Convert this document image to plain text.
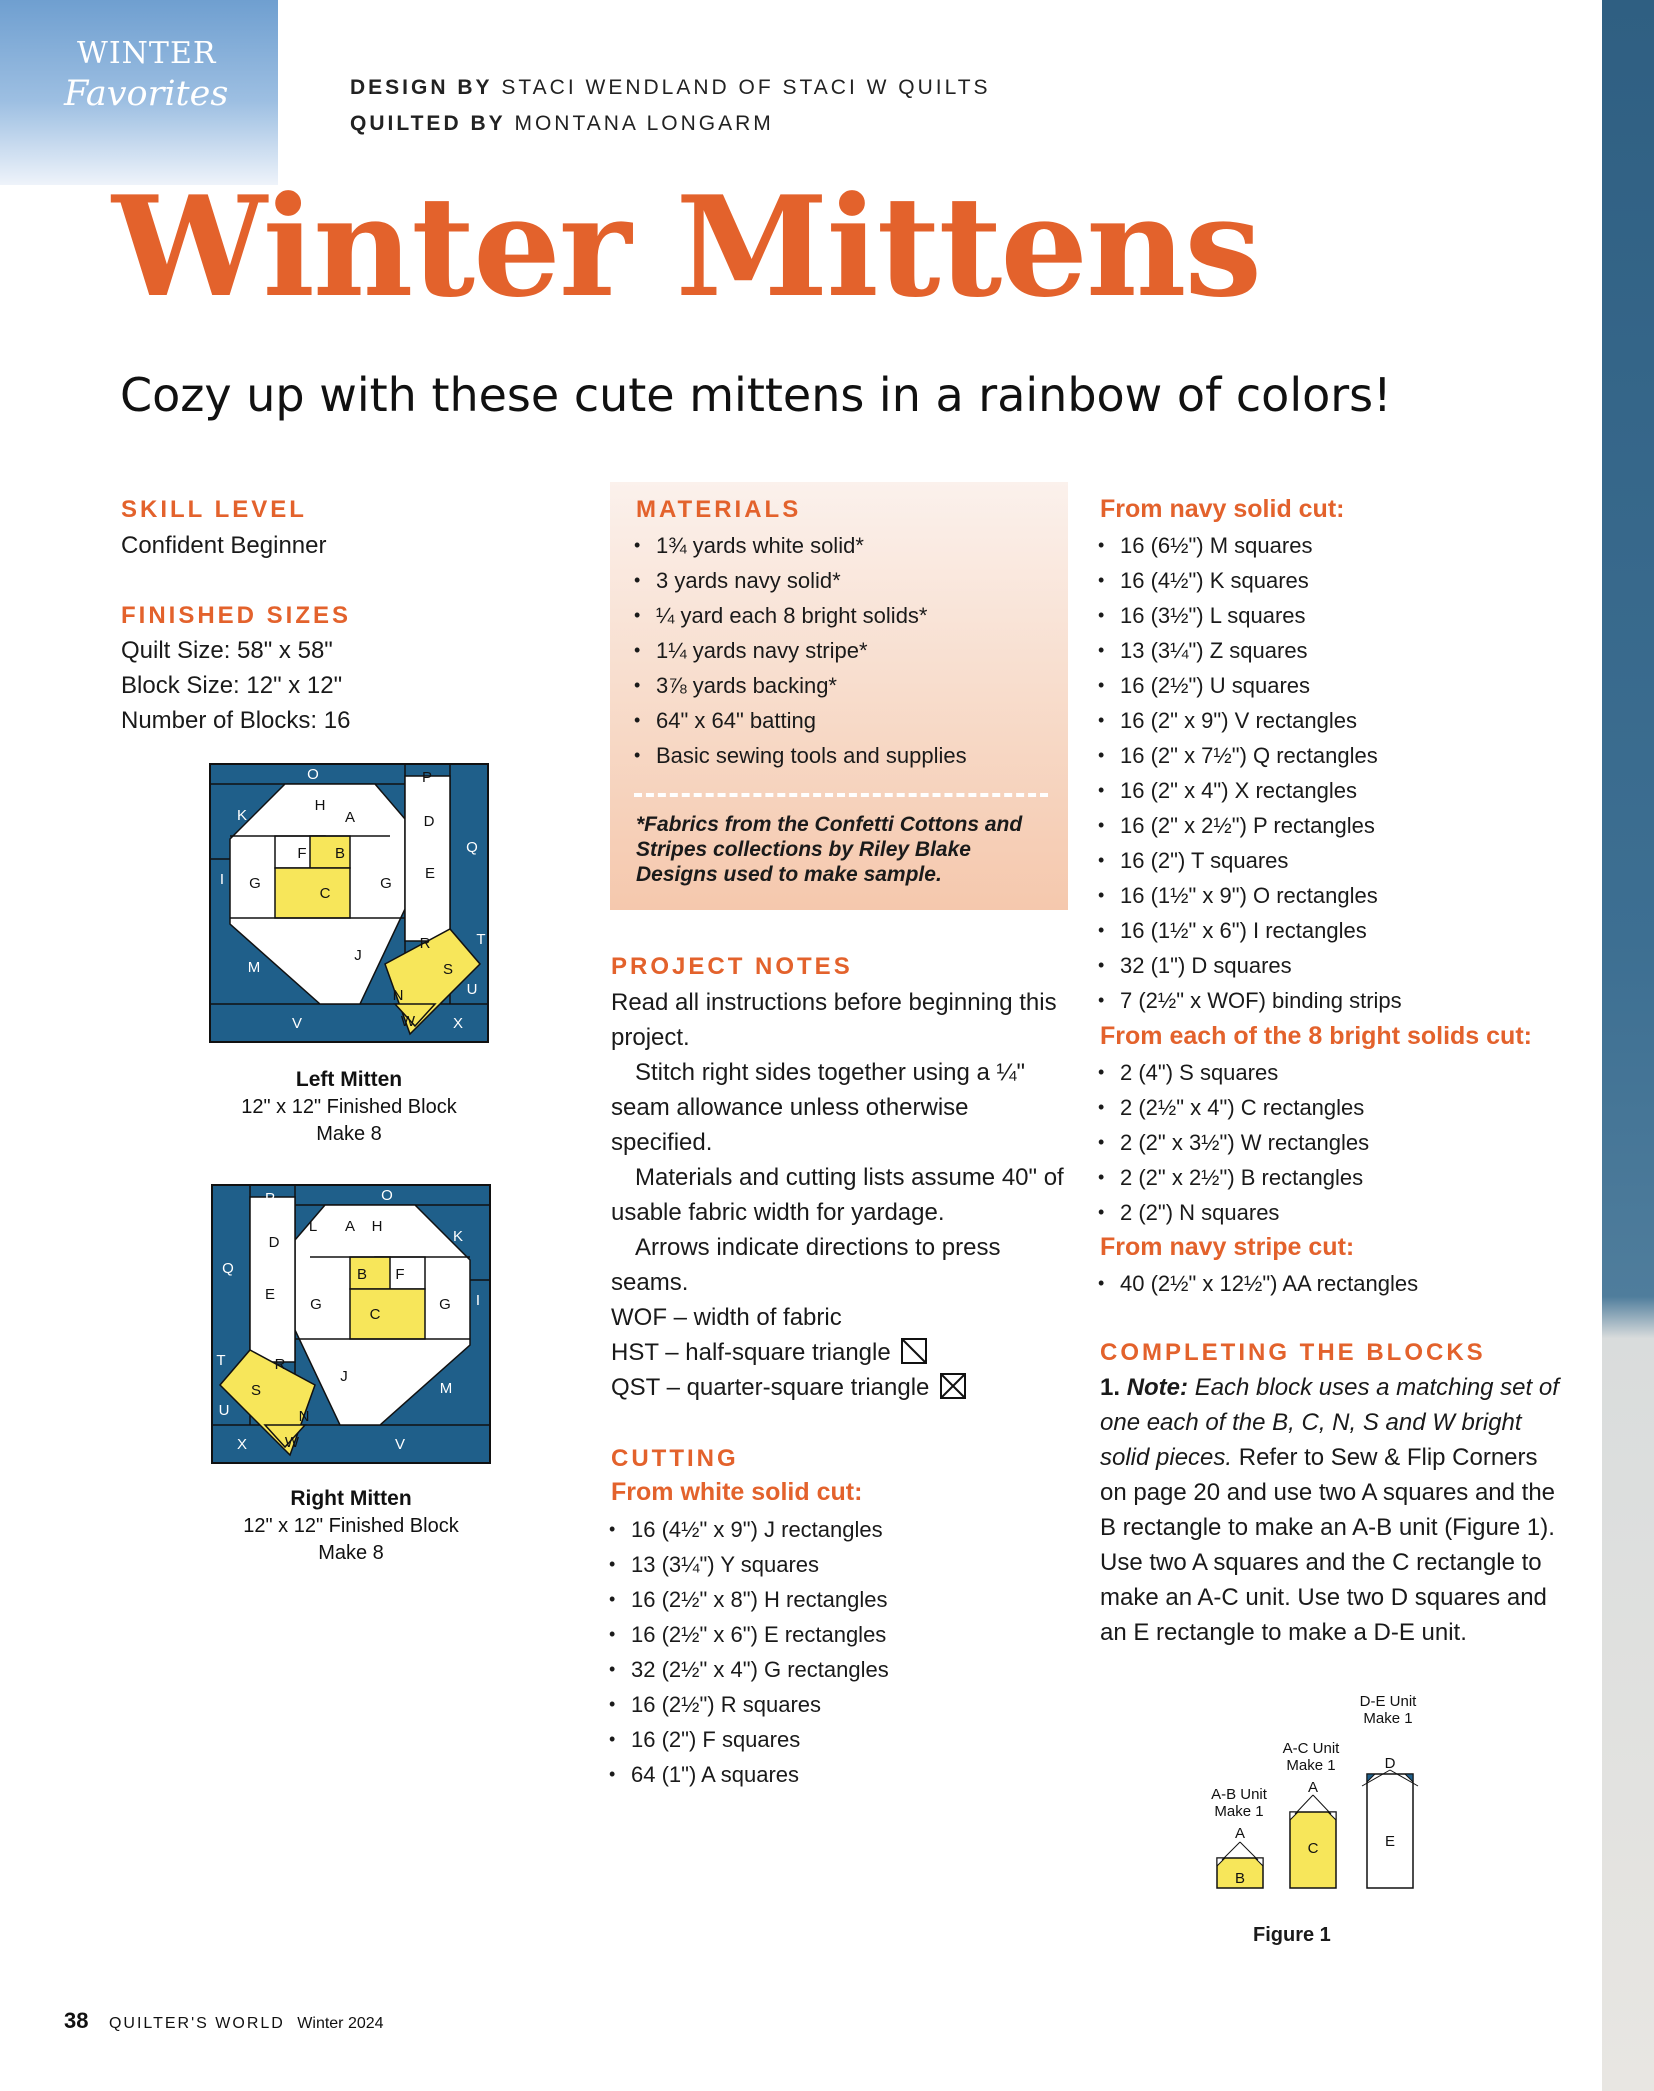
WINTER
Favorites	DESIGN BY STACI WENDLAND OF STACI W QUILTS
QUILTED BY MONTANA LONGARM
Winter Mittens
Cozy up with these cute mittens in a rainbow of colors!
SKILL LEVEL
Confident Beginner
FINISHED SIZES
Quilt Size: 58" x 58"
Block Size: 12" x 12"
Number of Blocks: 16
O	P
K
H	L
A	D
F B	Q
G	G
E
C
J
T
M
R
S
U
N
V	W	X
I
Left Mitten
12" x 12" Finished Block
Make 8
P	O
L A H
K
D
Q	B F
E
G	G I
C
T	R
J
M
S
U	N
X	W	V
Right Mitten
12" x 12" Finished Block
Make 8
MATERIALS
• 1¾ yards white solid*
• 3 yards navy solid*
• ¼ yard each 8 bright solids*
• 1¼ yards navy stripe*
• 3⅞ yards backing*
• 64" x 64" batting
• Basic sewing tools and supplies
*Fabrics from the Confetti Cottons and Stripes collections by Riley Blake Designs used to make sample.
PROJECT NOTES
Read all instructions before beginning this project.
Stitch right sides together using a ¼" seam allowance unless otherwise specified.
Materials and cutting lists assume 40" of usable fabric width for yardage.
Arrows indicate directions to press seams.
WOF – width of fabric
HST – half-square triangle
QST – quarter-square triangle
CUTTING
From white solid cut:
• 16 (4½" x 9") J rectangles
• 13 (3¼") Y squares
• 16 (2½" x 8") H rectangles
• 16 (2½" x 6") E rectangles
• 32 (2½" x 4") G rectangles
• 16 (2½") R squares
• 16 (2") F squares
• 64 (1") A squares
From navy solid cut:
• 16 (6½") M squares
• 16 (4½") K squares
• 16 (3½") L squares
• 13 (3¼") Z squares
• 16 (2½") U squares
• 16 (2" x 9") V rectangles
• 16 (2" x 7½") Q rectangles
• 16 (2" x 4") X rectangles
• 16 (2" x 2½") P rectangles
• 16 (2") T squares
• 16 (1½" x 9") O rectangles
• 16 (1½" x 6") I rectangles
• 32 (1") D squares
• 7 (2½" x WOF) binding strips
From each of the 8 bright solids cut:
• 2 (4") S squares
• 2 (2½" x 4") C rectangles
• 2 (2" x 3½") W rectangles
• 2 (2" x 2½") B rectangles
• 2 (2") N squares
From navy stripe cut:
• 40 (2½" x 12½") AA rectangles
COMPLETING THE BLOCKS
1. Note: Each block uses a matching set of one each of the B, C, N, S and W bright solid pieces. Refer to Sew & Flip Corners on page 20 and use two A squares and the B rectangle to make an A-B unit (Figure 1). Use two A squares and the C rectangle to make an A-C unit. Use two D squares and an E rectangle to make a D-E unit.
A-C Unit
Make 1
A-B Unit
Make 1
D-E Unit
Make 1
A
B
A
C
D
E
Figure 1
38 QUILTER'S WORLD Winter 2024
